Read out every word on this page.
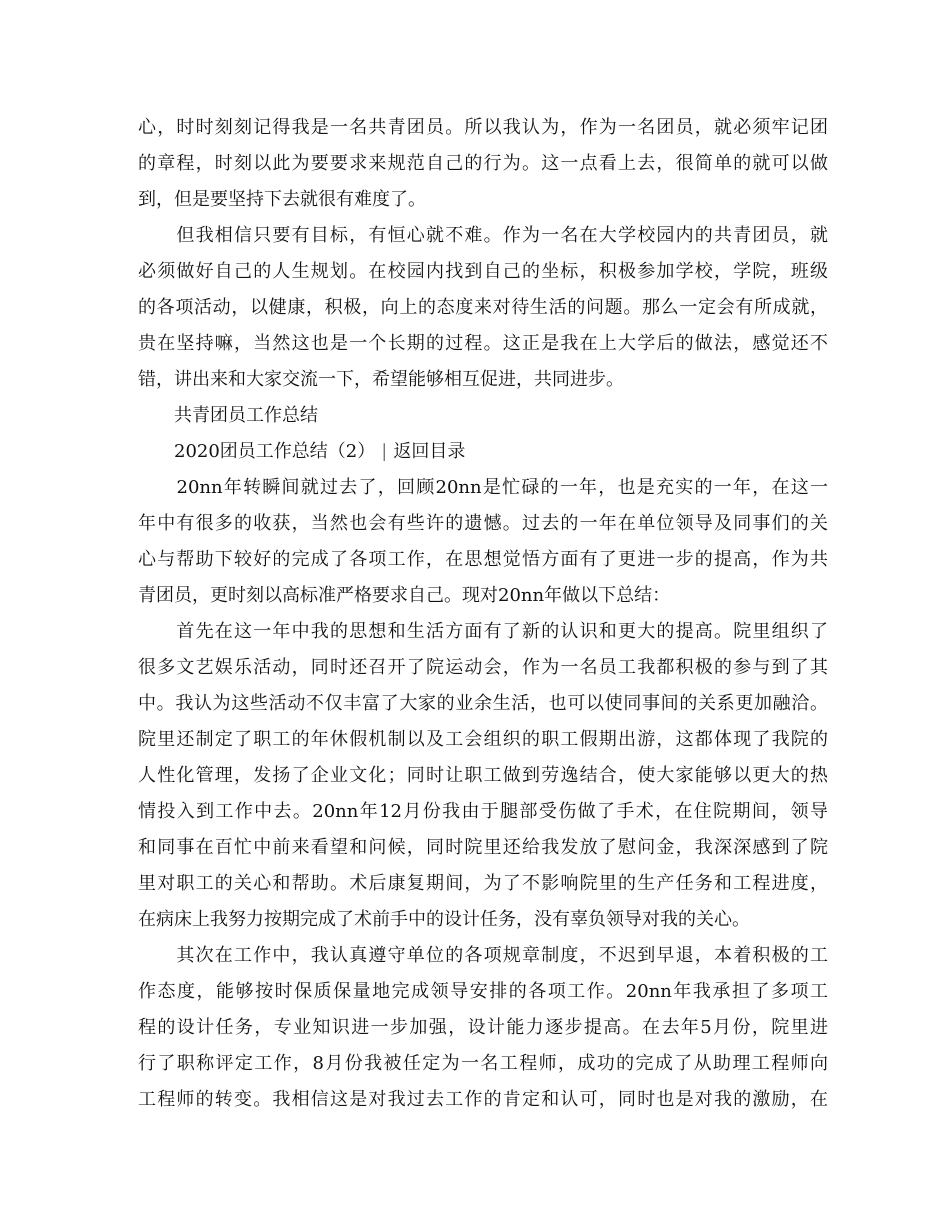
心，时时刻刻记得我是一名共青团员。所以我认为，作为一名团员，就必须牢记团
的章程，时刻以此为要要求来规范自己的行为。这一点看上去，很简单的就可以做
到，但是要坚持下去就很有难度了。
　　但我相信只要有目标，有恒心就不难。作为一名在大学校园内的共青团员，就
必须做好自己的人生规划。在校园内找到自己的坐标，积极参加学校，学院，班级
的各项活动，以健康，积极，向上的态度来对待生活的问题。那么一定会有所成就，
贵在坚持嘛，当然这也是一个长期的过程。这正是我在上大学后的做法，感觉还不
错，讲出来和大家交流一下，希望能够相互促进，共同进步。
　　共青团员工作总结
　　2020团员工作总结（2） | 返回目录
　　20nn年转瞬间就过去了，回顾20nn是忙碌的一年，也是充实的一年，在这一
年中有很多的收获，当然也会有些许的遗憾。过去的一年在单位领导及同事们的关
心与帮助下较好的完成了各项工作，在思想觉悟方面有了更进一步的提高，作为共
青团员，更时刻以高标准严格要求自己。现对20nn年做以下总结：
　　首先在这一年中我的思想和生活方面有了新的认识和更大的提高。院里组织了
很多文艺娱乐活动，同时还召开了院运动会，作为一名员工我都积极的参与到了其
中。我认为这些活动不仅丰富了大家的业余生活，也可以使同事间的关系更加融洽。
院里还制定了职工的年休假机制以及工会组织的职工假期出游，这都体现了我院的
人性化管理，发扬了企业文化；同时让职工做到劳逸结合，使大家能够以更大的热
情投入到工作中去。20nn年12月份我由于腿部受伤做了手术，在住院期间，领导
和同事在百忙中前来看望和问候，同时院里还给我发放了慰问金，我深深感到了院
里对职工的关心和帮助。术后康复期间，为了不影响院里的生产任务和工程进度，
在病床上我努力按期完成了术前手中的设计任务，没有辜负领导对我的关心。
　　其次在工作中，我认真遵守单位的各项规章制度，不迟到早退，本着积极的工
作态度，能够按时保质保量地完成领导安排的各项工作。20nn年我承担了多项工
程的设计任务，专业知识进一步加强，设计能力逐步提高。在去年5月份，院里进
行了职称评定工作，8月份我被任定为一名工程师，成功的完成了从助理工程师向
工程师的转变。我相信这是对我过去工作的肯定和认可，同时也是对我的激励，在
